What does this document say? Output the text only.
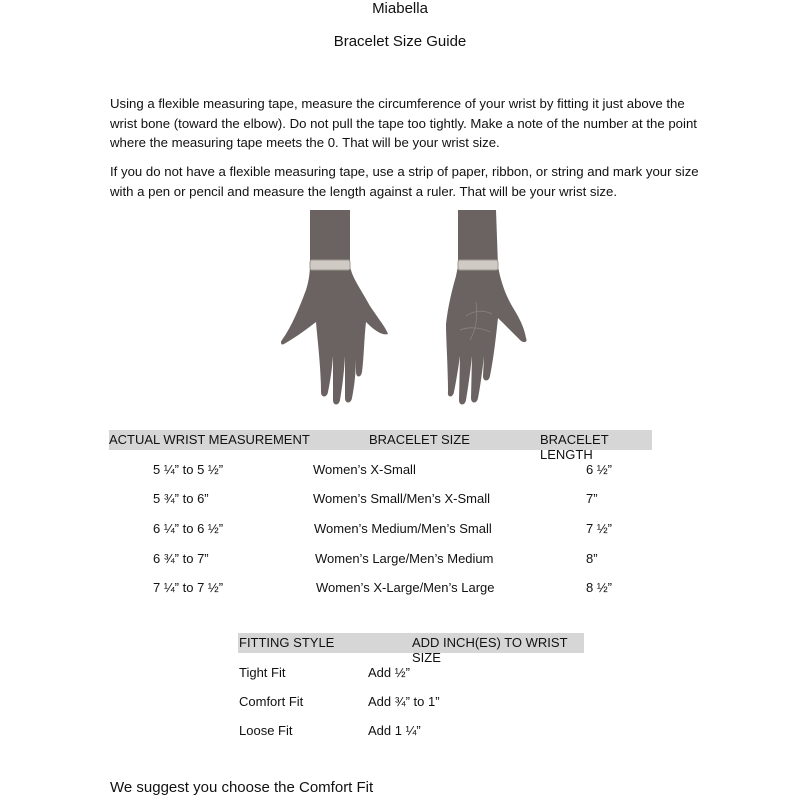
Miabella
Bracelet Size Guide
Using a flexible measuring tape, measure the circumference of your wrist by fitting it just above the wrist bone (toward the elbow). Do not pull the tape too tightly. Make a note of the number at the point where the measuring tape meets the 0. That will be your wrist size.
If you do not have a flexible measuring tape, use a strip of paper, ribbon, or string and mark your size with a pen or pencil and measure the length against a ruler. That will be your wrist size.
ACTUAL WRIST MEASUREMENT	BRACELET SIZE	BRACELET LENGTH
5 ¼” to 5 ½”	Women’s X-Small	6 ½”
5 ¾” to 6”	Women’s Small/Men’s X-Small	7”
6 ¼” to 6 ½”	Women’s Medium/Men’s Small	7 ½”
6 ¾” to 7”	Women’s Large/Men’s Medium	8”
7 ¼” to 7 ½”	Women’s X-Large/Men’s Large	8 ½”
FITTING STYLE	ADD INCH(ES) TO WRIST SIZE
Tight Fit	Add ½”
Comfort Fit	Add ¾” to 1”
Loose Fit	Add 1 ¼”
We suggest you choose the Comfort Fit
